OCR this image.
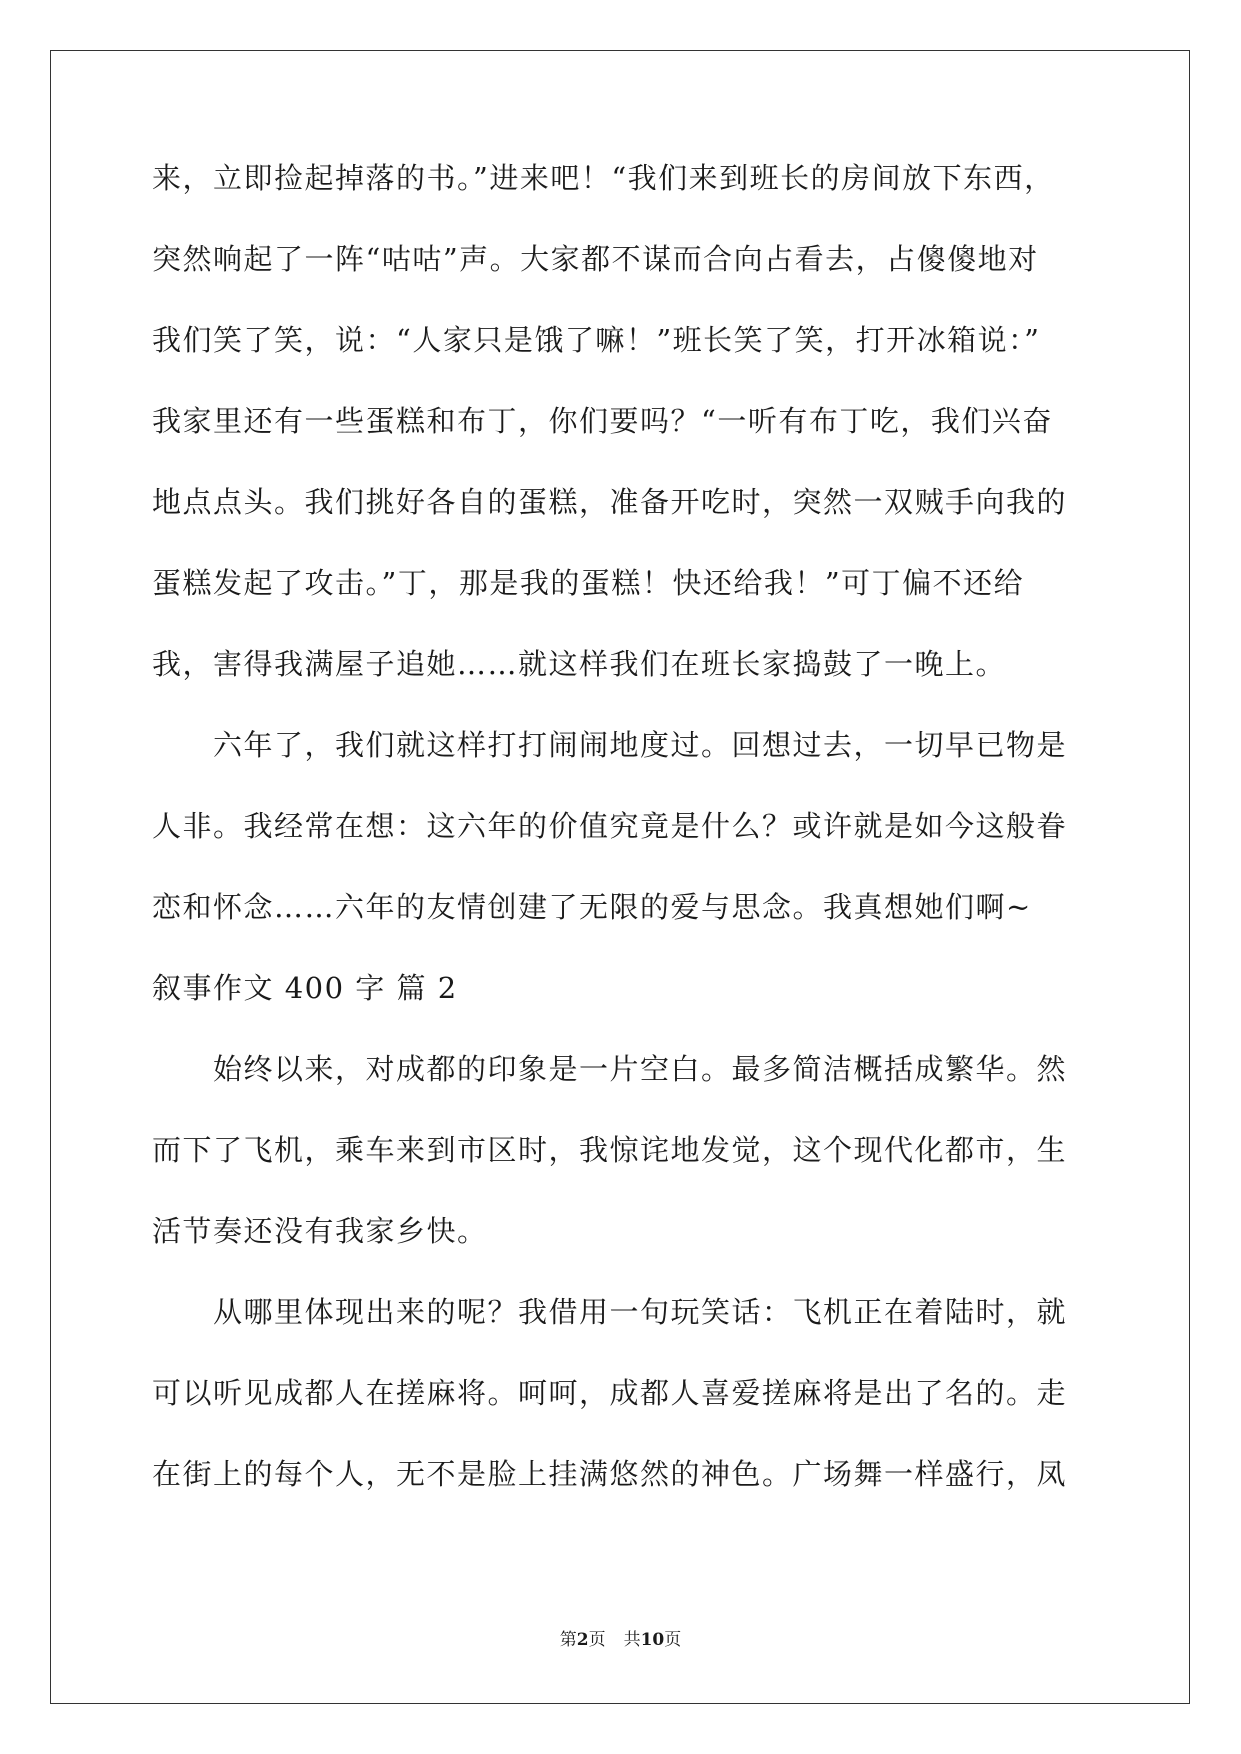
来，立即捡起掉落的书。”进来吧！“我们来到班长的房间放下东西，
突然响起了一阵“咕咕”声。大家都不谋而合向占看去，占傻傻地对
我们笑了笑，说：“人家只是饿了嘛！”班长笑了笑，打开冰箱说：”
我家里还有一些蛋糕和布丁，你们要吗？“一听有布丁吃，我们兴奋
地点点头。我们挑好各自的蛋糕，准备开吃时，突然一双贼手向我的
蛋糕发起了攻击。”丁，那是我的蛋糕！快还给我！”可丁偏不还给
我，害得我满屋子追她……就这样我们在班长家捣鼓了一晚上。
　　六年了，我们就这样打打闹闹地度过。回想过去，一切早已物是
人非。我经常在想：这六年的价值究竟是什么？或许就是如今这般眷
恋和怀念……六年的友情创建了无限的爱与思念。我真想她们啊~
叙事作文 400 字 篇 2
　　始终以来，对成都的印象是一片空白。最多简洁概括成繁华。然
而下了飞机，乘车来到市区时，我惊诧地发觉，这个现代化都市，生
活节奏还没有我家乡快。
　　从哪里体现出来的呢？我借用一句玩笑话：飞机正在着陆时，就
可以听见成都人在搓麻将。呵呵，成都人喜爱搓麻将是出了名的。走
在街上的每个人，无不是脸上挂满悠然的神色。广场舞一样盛行，凤
第2页 共10页
